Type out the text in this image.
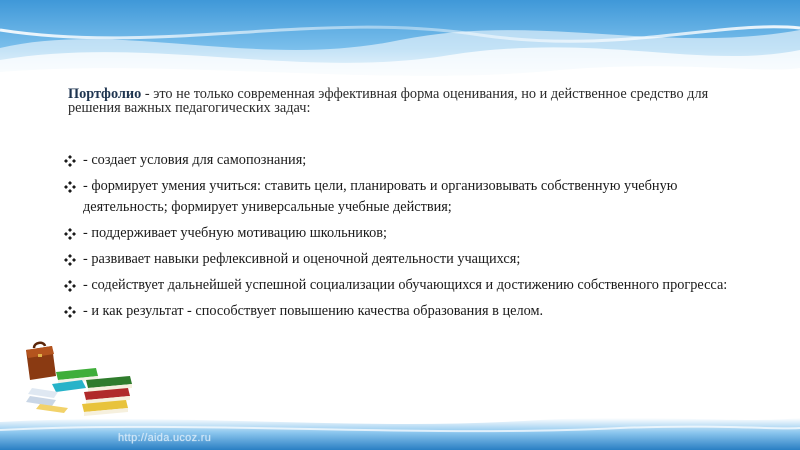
Портфолио - это не только современная эффективная форма оценивания, но и действенное средство для решения важных педагогических задач:
- создает условия для самопознания;
- формирует умения учиться: ставить цели, планировать и организовывать собственную учебную деятельность; формирует универсальные учебные действия;
- поддерживает учебную мотивацию школьников;
- развивает навыки рефлексивной и оценочной деятельности учащихся;
- содействует дальнейшей успешной социализации обучающихся и достижению собственного прогресса:
- и как результат - способствует повышению качества образования в целом.
http://aida.ucoz.ru
